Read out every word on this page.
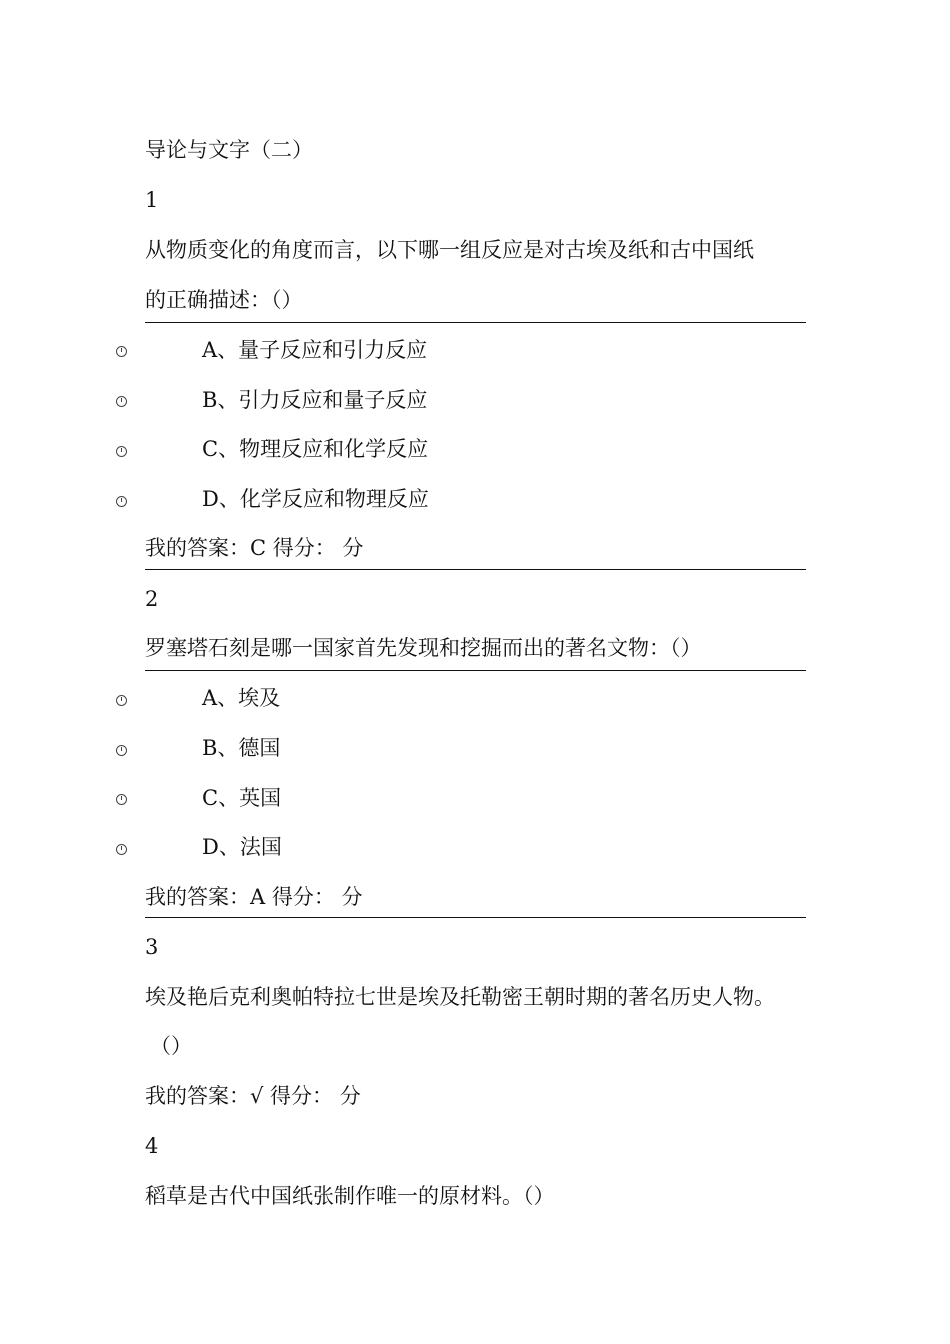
导论与文字（二）
1
从物质变化的角度而言，以下哪一组反应是对古埃及纸和古中国纸
的正确描述：（）
A、量子反应和引力反应
B、引力反应和量子反应
C、物理反应和化学反应
D、化学反应和物理反应
我的答案：C 得分： 分
2
罗塞塔石刻是哪一国家首先发现和挖掘而出的著名文物：（）
A、埃及
B、德国
C、英国
D、法国
我的答案：A 得分： 分
3
埃及艳后克利奥帕特拉七世是埃及托勒密王朝时期的著名历史人物。
（）
我的答案：√ 得分： 分
4
稻草是古代中国纸张制作唯一的原材料。（）
